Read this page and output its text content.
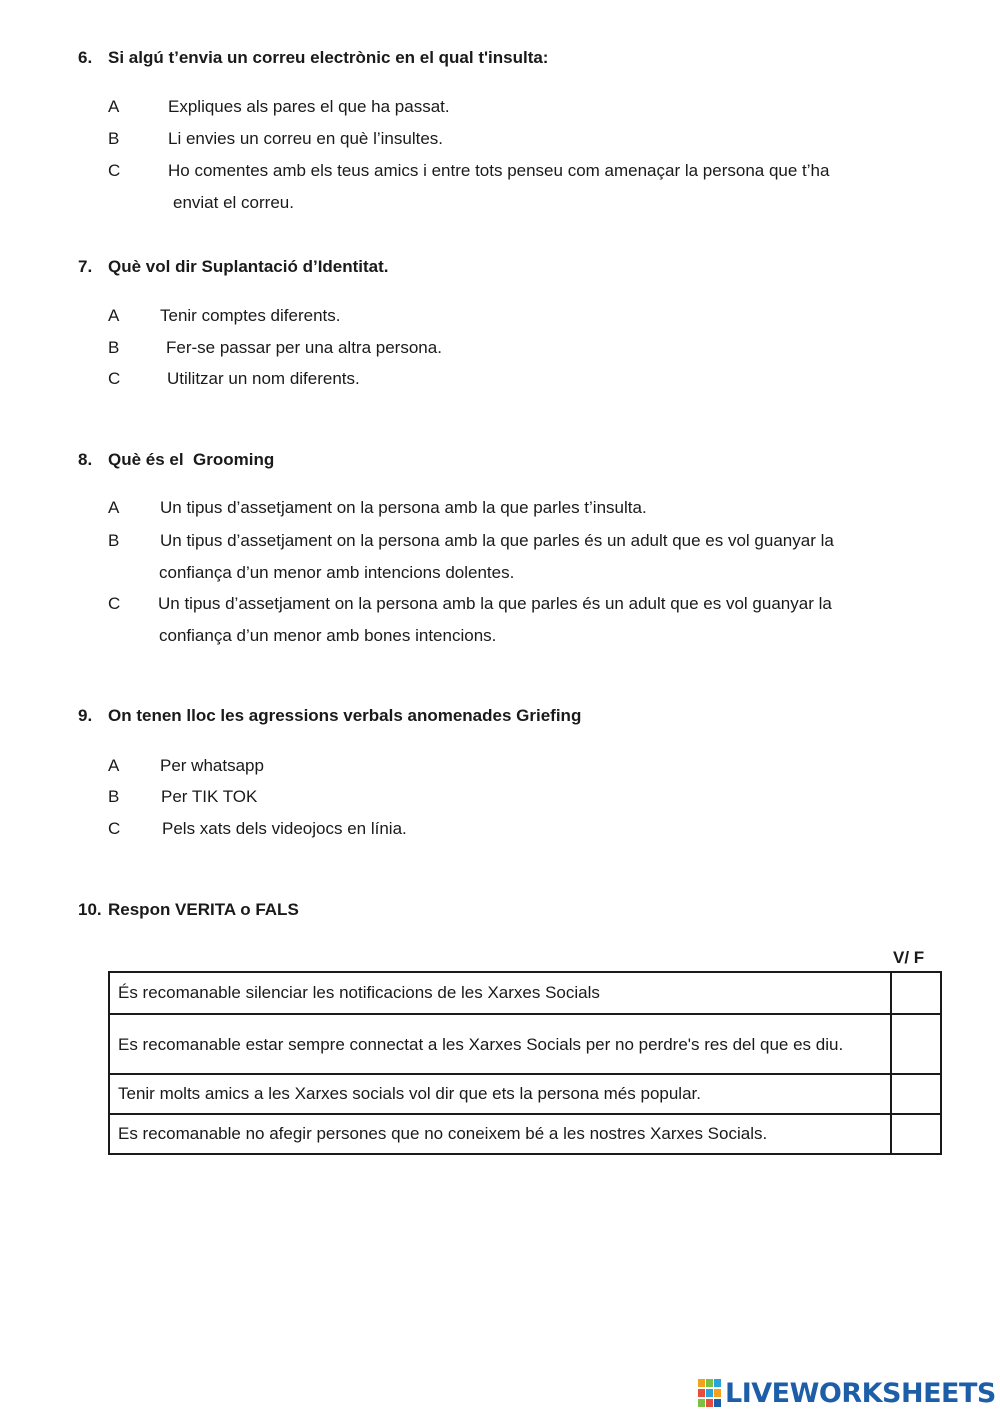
6. Si algú t’envia un correu electrònic en el qual t'insulta:
A	Expliques als pares el que ha passat.
B	Li envies un correu en què l’insultes.
C	Ho comentes amb els teus amics i entre tots penseu com amenaçar la persona que t’ha
enviat el correu.
7. Què vol dir Suplantació d’Identitat.
A Tenir comptes diferents.
B	Fer-se passar per una altra persona.
C	Utilitzar un nom diferents.
8. Què és el  Grooming
A Un tipus d’assetjament on la persona amb la que parles t’insulta.
B Un tipus d’assetjament on la persona amb la que parles és un adult que es vol guanyar la
confiança d’un menor amb intencions dolentes.
C Un tipus d’assetjament on la persona amb la que parles és un adult que es vol guanyar la
confiança d’un menor amb bones intencions.
9. On tenen lloc les agressions verbals anomenades Griefing
A Per whatsapp
B Per TIK TOK
C Pels xats dels videojocs en línia.
10. Respon VERITA o FALS
V/ F
És recomanable silenciar les notificacions de les Xarxes Socials	
Es recomanable estar sempre connectat a les Xarxes Socials per no perdre's res del que es diu.	
Tenir molts amics a les Xarxes socials vol dir que ets la persona més popular.	
Es recomanable no afegir persones que no coneixem bé a les nostres Xarxes Socials.	
LIVEWORKSHEETS
